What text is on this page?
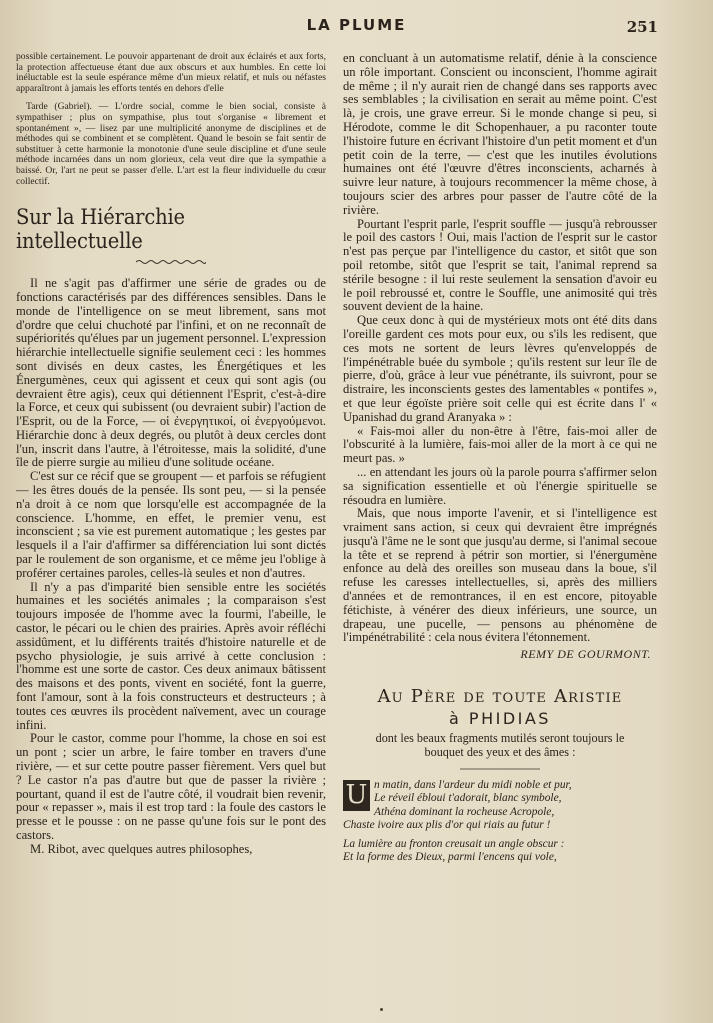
LA PLUME	251

possible certainement. Le pouvoir appartenant de droit aux éclairés et aux forts, la protection affectueuse étant due aux obscurs et aux humbles. En cette loi inéluctable est la seule espérance même d'un mieux relatif, et nuls ou néfastes apparaîtront à jamais les efforts tentés en dehors d'elle

Tarde (Gabriel). — L'ordre social, comme le bien social, consiste à sympathiser ; plus on sympathise, plus tout s'organise « librement et spontanément », — lisez par une multiplicité anonyme de disciplines et de méthodes qui se combinent et se complètent. Quand le besoin se fait sentir de substituer à cette harmonie la monotonie d'une seule discipline et d'une seule méthode incarnées dans un nom glorieux, cela veut dire que la sympathie a baissé. Or, l'art ne peut se passer d'elle. L'art est la fleur individuelle du cœur collectif.

Sur la Hiérarchie intellectuelle

Il ne s'agit pas d'affirmer une série de grades ou de fonctions caractérisés par des différences sensibles. Dans le monde de l'intelligence on se meut librement, sans mot d'ordre que celui chuchoté par l'infini, et on ne reconnaît de supériorités qu'élues par un jugement personnel. L'expression hiérarchie intellectuelle signifie seulement ceci : les hommes sont divisés en deux castes, les Énergétiques et les Énergumènes, ceux qui agissent et ceux qui sont agis (ou devraient être agis), ceux qui détiennent l'Esprit, c'est-à-dire la Force, et ceux qui subissent (ou devraient subir) l'action de l'Esprit, ou de la Force, — οἱ ἐνεργητικοί, οἱ ἐνεργούμενοι. Hiérarchie donc à deux degrés, ou plutôt à deux cercles dont l'un, inscrit dans l'autre, à l'étroitesse, mais la solidité, d'une île de pierre surgie au milieu d'une solitude océane.

C'est sur ce récif que se groupent — et parfois se réfugient — les êtres doués de la pensée. Ils sont peu, — si la pensée n'a droit à ce nom que lorsqu'elle est accompagnée de la conscience. L'homme, en effet, le premier venu, est inconscient ; sa vie est purement automatique ; les gestes par lesquels il a l'air d'affirmer sa différenciation lui sont dictés par le roulement de son organisme, et ce même jeu l'oblige à proférer certaines paroles, celles-là seules et non d'autres.

Il n'y a pas d'imparité bien sensible entre les sociétés humaines et les sociétés animales ; la comparaison s'est toujours imposée de l'homme avec la fourmi, l'abeille, le castor, le pécari ou le chien des prairies. Après avoir réfléchi assidûment, et lu différents traités d'histoire naturelle et de psycho physiologie, je suis arrivé à cette conclusion : l'homme est une sorte de castor. Ces deux animaux bâtissent des maisons et des ponts, vivent en société, font la guerre, font l'amour, sont à la fois constructeurs et destructeurs ; à toutes ces œuvres ils procèdent naïvement, avec un courage infini.

Pour le castor, comme pour l'homme, la chose en soi est un pont ; scier un arbre, le faire tomber en travers d'une rivière, — et sur cette poutre passer fièrement. Vers quel but ? Le castor n'a pas d'autre but que de passer la rivière ; pourtant, quand il est de l'autre côté, il voudrait bien revenir, pour « repasser », mais il est trop tard : la foule des castors le presse et le pousse : on ne passe qu'une fois sur le pont des castors.

M. Ribot, avec quelques autres philosophes,

en concluant à un automatisme relatif, dénie à la conscience un rôle important. Conscient ou inconscient, l'homme agirait de même ; il n'y aurait rien de changé dans ses rapports avec ses semblables ; la civilisation en serait au même point. C'est là, je crois, une grave erreur. Si le monde change si peu, si Hérodote, comme le dit Schopenhauer, a pu raconter toute l'histoire future en écrivant l'histoire d'un petit moment et d'un petit coin de la terre, — c'est que les inutiles évolutions humaines ont été l'œuvre d'êtres inconscients, acharnés à suivre leur nature, à toujours recommencer la même chose, à toujours scier des arbres pour passer de l'autre côté de la rivière.

Pourtant l'esprit parle, l'esprit souffle — jusqu'à rebrousser le poil des castors ! Oui, mais l'action de l'esprit sur le castor n'est pas perçue par l'intelligence du castor, et sitôt que son poil retombe, sitôt que l'esprit se tait, l'animal reprend sa stérile besogne : il lui reste seulement la sensation d'avoir eu le poil rebroussé et, contre le Souffle, une animosité qui très souvent devient de la haine.

Que ceux donc à qui de mystérieux mots ont été dits dans l'oreille gardent ces mots pour eux, ou s'ils les redisent, que ces mots ne sortent de leurs lèvres qu'enveloppés de l'impénétrable buée du symbole ; qu'ils restent sur leur île de pierre, d'où, grâce à leur vue pénétrante, ils suivront, pour se distraire, les inconscients gestes des lamentables « pontifes », et que leur égoïste prière soit celle qui est écrite dans l' « Upanishad du grand Aranyaka » :

« Fais-moi aller du non-être à l'être, fais-moi aller de l'obscurité à la lumière, fais-moi aller de la mort à ce qui ne meurt pas. »

... en attendant les jours où la parole pourra s'affirmer selon sa signification essentielle et où l'énergie spirituelle se résoudra en lumière.

Mais, que nous importe l'avenir, et si l'intelligence est vraiment sans action, si ceux qui devraient être imprégnés jusqu'à l'âme ne le sont que jusqu'au derme, si l'animal secoue la tête et se reprend à pétrir son mortier, si l'énergumène enfonce au delà des oreilles son museau dans la boue, s'il refuse les caresses intellectuelles, si, après des milliers d'années et de remontrances, il en est encore, pitoyable fétichiste, à vénérer des dieux inférieurs, une source, un drapeau, une pucelle, — pensons au phénomène de l'impénétrabilité : cela nous évitera l'étonnement.

REMY DE GOURMONT.
Au Père de toute Aristie
à PHIDIAS

dont les beaux fragments mutilés seront toujours le bouquet des yeux et des âmes :

U n matin, dans l'ardeur du midi noble et pur,

Le réveil ébloui t'adorait, blanc symbole,

Athéna dominant la rocheuse Acropole,

Chaste ivoire aux plis d'or qui riais au futur !

La lumière au fronton creusait un angle obscur :

Et la forme des Dieux, parmi l'encens qui vole,
